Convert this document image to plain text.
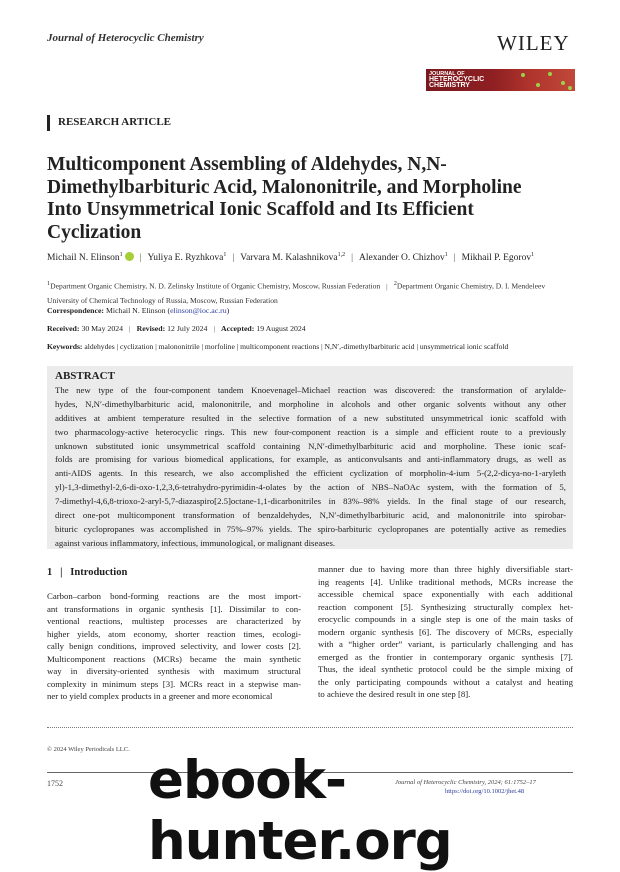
Journal of Heterocyclic Chemistry	WILEY
JOURNAL OF
HETEROCYCLIC
CHEMISTRY
RESEARCH ARTICLE
Multicomponent Assembling of Aldehydes, N,N-
Dimethylbarbituric Acid, Malononitrile, and Morpholine
Into Unsymmetrical Ionic Scaffold and Its Efficient
Cyclization
Michail N. Elinson$^1$ | Yuliya E. Ryzhkova$^1$ | Varvara M. Kalashnikova$^{1,2}$ | Alexander O. Chizhov$^1$ | Mikhail P. Egorov$^1$
$^1$Department Organic Chemistry, N. D. Zelinsky Institute of Organic Chemistry, Moscow, Russian Federation | $^2$Department Organic Chemistry, D. I. Mendeleev University of Chemical Technology of Russia, Moscow, Russian Federation
Correspondence: Michail N. Elinson (elinson@ioc.ac.ru)
Received: 30 May 2024 | Revised: 12 July 2024 | Accepted: 19 August 2024
Keywords: aldehydes | cyclization | malononitrile | morfoline | multicomponent reactions | N,N′,-dimethylbarbituric acid | unsymmetrical ionic scaffold
ABSTRACT
The new type of the four-component tandem Knoevenagel–Michael reaction was discovered: the transformation of arylalde-
hydes, N,N′-dimethylbarbituric acid, malononitrile, and morpholine in alcohols and other organic solvents without any other
additives at ambient temperature resulted in the selective formation of a new substituted unsymmetrical ionic scaffold with
two pharmacology-active heterocyclic rings. This new four-component reaction is a simple and efficient route to a previously
unknown substituted ionic unsymmetrical scaffold containing N,N′-dimethylbarbituric acid and morpholine. These ionic scaf-
folds are promising for various biomedical applications, for example, as anticonvulsants and anti-inflammatory drugs, as well as
anti-AIDS agents. In this research, we also accomplished the efficient cyclization of morpholin-4-ium 5-(2,2-dicya-no-1-aryleth
yl)-1,3-dimethyl-2,6-di-oxo-1,2,3,6-tetrahydro-pyrimidin-4-olates by the action of NBS–NaOAc system, with the formation of 5,
7-dimethyl-4,6,8-trioxo-2-aryl-5,7-diazaspiro[2.5]octane-1,1-dicarbonitriles in 83%–98% yields. In the final stage of our research,
direct one-pot multicomponent transformation of benzaldehydes, N,N′-dimethylbarbituric acid, and malononitrile into spirobar-
bituric cyclopropanes was accomplished in 75%–97% yields. The spiro-barbituric cyclopropanes are potentially active as remedies
against various inflammatory, infectious, immunological, or malignant diseases.
1   |   Introduction
Carbon–carbon bond-forming reactions are the most import-
ant transformations in organic synthesis [1]. Dissimilar to con-
ventional reactions, multistep processes are characterized by
higher yields, atom economy, shorter reaction times, ecologi-
cally benign conditions, improved selectivity, and lower costs [2].
Multicomponent reactions (MCRs) became the main synthetic
way in diversity-oriented synthesis with maximum structural
complexity in minimum steps [3]. MCRs react in a stepwise man-
ner to yield complex products in a greener and more economical
manner due to having more than three highly diversifiable start-
ing reagents [4]. Unlike traditional methods, MCRs increase the
accessible chemical space exponentially with each additional
reaction component [5]. Synthesizing structurally complex het-
erocyclic compounds in a single step is one of the main tasks of
modern organic synthesis [6]. The discovery of MCRs, especially
with a “higher order” variant, is particularly challenging and has
emerged as the frontier in contemporary organic synthesis [7].
Thus, the ideal synthetic protocol could be the simple mixing of
the only participating compounds without a catalyst and heating
to achieve the desired result in one step [8].
© 2024 Wiley Periodicals LLC.
1752	Journal of Heterocyclic Chemistry, 2024; 61:1752–17
https://doi.org/10.1002/jhet.48
ebook-hunter.org
